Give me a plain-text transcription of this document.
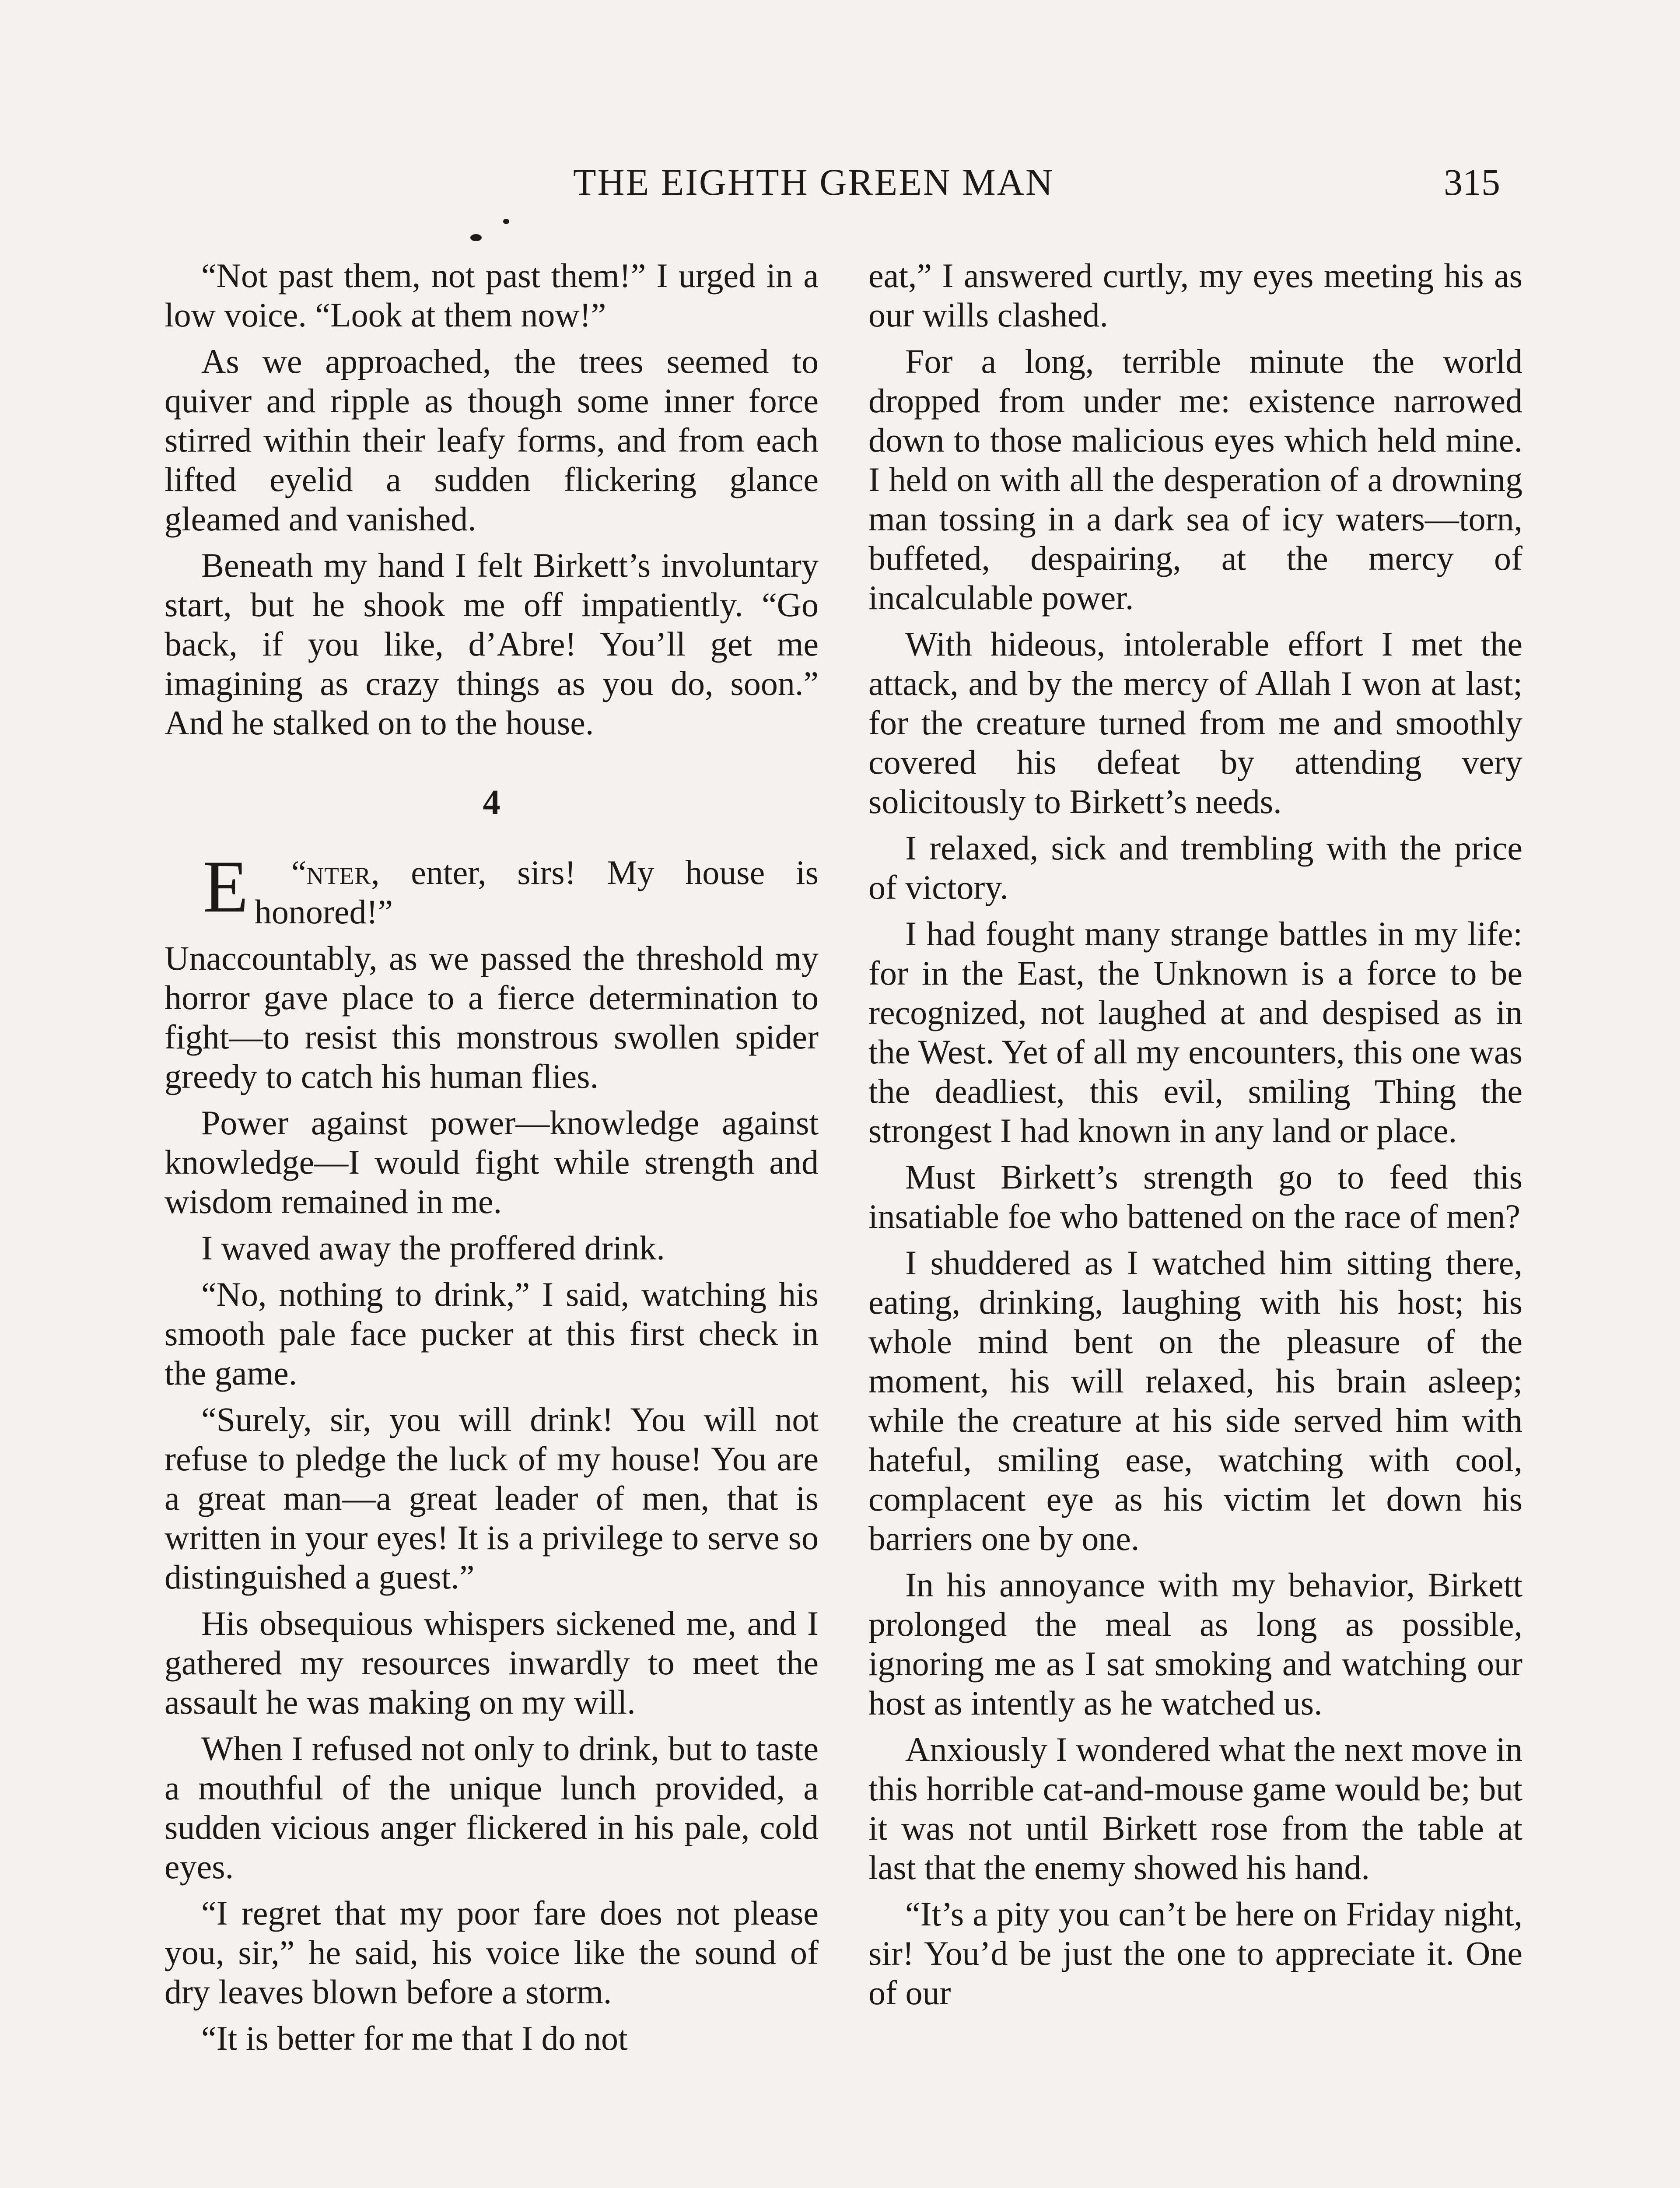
THE EIGHTH GREEN MAN	315

“Not past them, not past them!” I urged in a low voice. “Look at them now!”

As we approached, the trees seemed to quiver and ripple as though some inner force stirred within their leafy forms, and from each lifted eyelid a sudden flickering glance gleamed and vanished.

Beneath my hand I felt Birkett’s involuntary start, but he shook me off impatiently. “Go back, if you like, d’Abre! You’ll get me imagining as crazy things as you do, soon.” And he stalked on to the house.

4

“
E nter, enter, sirs! My house is honored!”

Unaccountably, as we passed the threshold my horror gave place to a fierce determination to fight—to resist this monstrous swollen spider greedy to catch his human flies.

Power against power—knowledge against knowledge—I would fight while strength and wisdom remained in me.

I waved away the proffered drink.

“No, nothing to drink,” I said, watching his smooth pale face pucker at this first check in the game.

“Surely, sir, you will drink! You will not refuse to pledge the luck of my house! You are a great man—a great leader of men, that is written in your eyes! It is a privilege to serve so distinguished a guest.”

His obsequious whispers sickened me, and I gathered my resources inwardly to meet the assault he was making on my will.

When I refused not only to drink, but to taste a mouthful of the unique lunch provided, a sudden vicious anger flickered in his pale, cold eyes.

“I regret that my poor fare does not please you, sir,” he said, his voice like the sound of dry leaves blown before a storm.

“It is better for me that I do not

eat,” I answered curtly, my eyes meeting his as our wills clashed.

For a long, terrible minute the world dropped from under me: existence narrowed down to those malicious eyes which held mine. I held on with all the desperation of a drowning man tossing in a dark sea of icy waters—torn, buffeted, despairing, at the mercy of incalculable power.

With hideous, intolerable effort I met the attack, and by the mercy of Allah I won at last; for the creature turned from me and smoothly covered his defeat by attending very solicitously to Birkett’s needs.

I relaxed, sick and trembling with the price of victory.

I had fought many strange battles in my life: for in the East, the Unknown is a force to be recognized, not laughed at and despised as in the West. Yet of all my encounters, this one was the deadliest, this evil, smiling Thing the strongest I had known in any land or place.

Must Birkett’s strength go to feed this insatiable foe who battened on the race of men?

I shuddered as I watched him sitting there, eating, drinking, laughing with his host; his whole mind bent on the pleasure of the moment, his will relaxed, his brain asleep; while the creature at his side served him with hateful, smiling ease, watching with cool, complacent eye as his victim let down his barriers one by one.

In his annoyance with my behavior, Birkett prolonged the meal as long as possible, ignoring me as I sat smoking and watching our host as intently as he watched us.

Anxiously I wondered what the next move in this horrible cat-and-mouse game would be; but it was not until Birkett rose from the table at last that the enemy showed his hand.

“It’s a pity you can’t be here on Friday night, sir! You’d be just the one to appreciate it. One of our
